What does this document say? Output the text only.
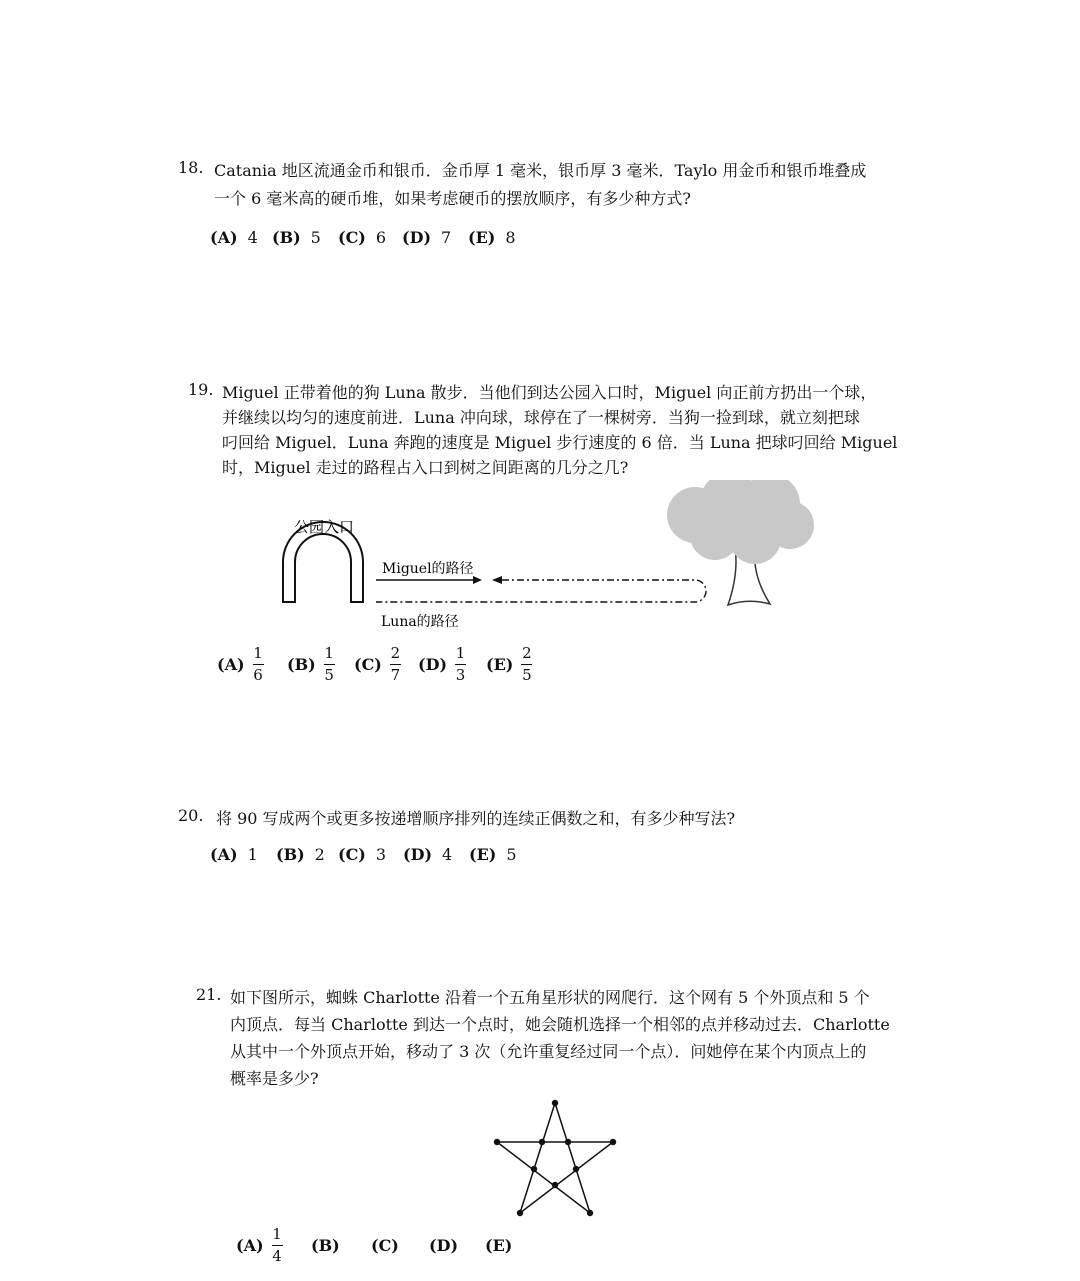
18. Catania 地区流通金币和银币．金币厚 1 毫米，银币厚 3 毫米．Taylo 用金币和银币堆叠成
一个 6 毫米高的硬币堆，如果考虑硬币的摆放顺序，有多少种方式?
(A) 4 (B) 5 (C) 6 (D) 7 (E) 8
19. Miguel 正带着他的狗 Luna 散步．当他们到达公园入口时，Miguel 向正前方扔出一个球，
并继续以均匀的速度前进．Luna 冲向球，球停在了一棵树旁．当狗一捡到球，就立刻把球
叼回给 Miguel．Luna 奔跑的速度是 Miguel 步行速度的 6 倍．当 Luna 把球叼回给 Miguel
时，Miguel 走过的路程占入口到树之间距离的几分之几?
公园入口
Miguel的路径
Luna的路径
$(A) \frac{1}{6} (B) \frac{1}{5} (C) \frac{2}{7} (D) \frac{1}{3} (E) \frac{2}{5}$
20. 将 90 写成两个或更多按递增顺序排列的连续正偶数之和，有多少种写法?
(A) 1 (B) 2 (C) 3 (D) 4 (E) 5
21. 如下图所示，蜘蛛 Charlotte 沿着一个五角星形状的网爬行．这个网有 5 个外顶点和 5 个
内顶点．每当 Charlotte 到达一个点时，她会随机选择一个相邻的点并移动过去．Charlotte
从其中一个外顶点开始，移动了 3 次（允许重复经过同一个点）．问她停在某个内顶点上的
概率是多少?
$(A) \frac{1}{4} (B)$ (C) (D) (E)
